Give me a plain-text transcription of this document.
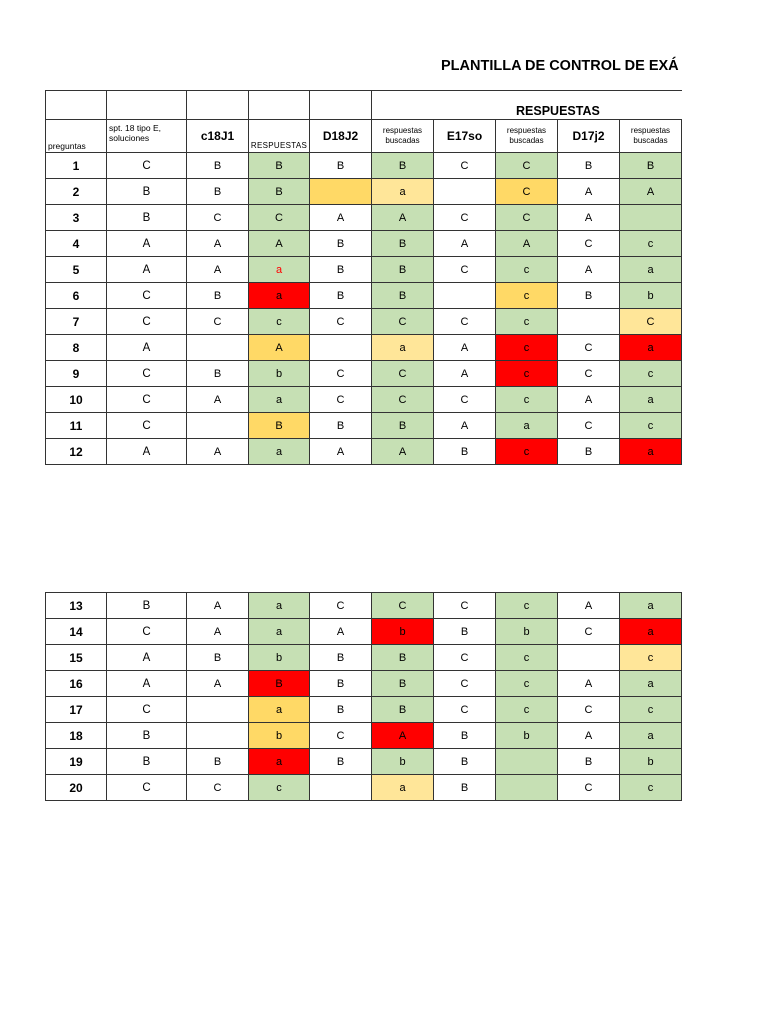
PLANTILLA DE CONTROL DE EXÁ
					RESPUESTAS					
preguntas	spt. 18 tipo E, soluciones	c18J1	RESPUESTAS	D18J2	respuestas buscadas	E17so	respuestas buscadas	D17j2	respuestas buscadas	
1	C	B	B	B	B	C	C	B	B	
2	B	B	B		a		C	A	A	
3	B	C	C	A	A	C	C	A		
4	A	A	A	B	B	A	A	C	c	
5	A	A	a	B	B	C	c	A	a	
6	C	B	a	B	B		c	B	b	
7	C	C	c	C	C	C	c		C	
8	A		A		a	A	c	C	a	
9	C	B	b	C	C	A	c	C	c	
10	C	A	a	C	C	C	c	A	a	
11	C		B	B	B	A	a	C	c	
12	A	A	a	A	A	B	c	B	a	
13	B	A	a	C	C	C	c	A	a	
14	C	A	a	A	b	B	b	C	a	
15	A	B	b	B	B	C	c		c	
16	A	A	B	B	B	C	c	A	a	
17	C		a	B	B	C	c	C	c	
18	B		b	C	A	B	b	A	a	
19	B	B	a	B	b	B		B	b	
20	C	C	c		a	B		C	c	
